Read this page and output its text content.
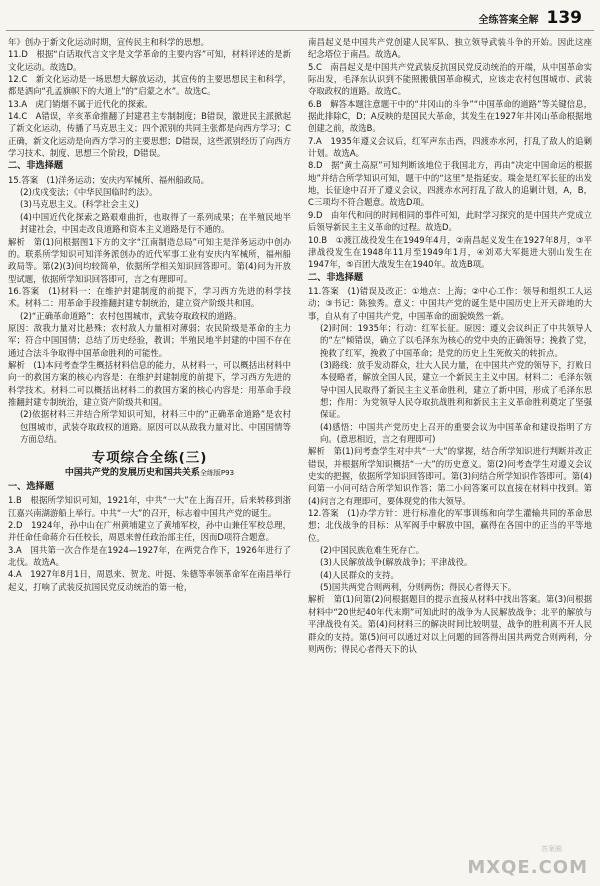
全练答案全解 139
年》创办于新文化运动时期，宣传民主和科学的思想。
11.D　根据“白话取代言文字是文学革命的主要内容”可知，材料评述的是新文化运动。故选D。
12.C　新文化运动是一场思想大解放运动，其宣传的主要思想民主和科学，都是洒向“孔孟旗帜下的大道上”的“启蒙之水”。故选C。
13.A　虎门销烟不属于近代化的探索。
14.C　A错误，辛亥革命推翻了封建君主专制制度；B错误，激进民主派掀起了新文化运动，传播了马克思主义；四个派别的共同主张都是向西方学习；C正确，新文化运动是向西方学习的主要思想；D错误，这些派别经历了向西方学习技术、制度、思想三个阶段，D错误。
二、非选择题
15.答案　(1)洋务运动；安庆内军械所、福州船政局。
(2)戊戌变法；《中华民国临时约法》。
(3)马克思主义。(科学社会主义)
(4)中国近代化探索之路艰难曲折，也取得了一系列成果；在半殖民地半封建社会，中国走改良道路和资本主义道路是行不通的。
解析　第(1)问根据图1下方的文字“江南制造总局”可知主是洋务运动中创办的。联系所学知识可知洋务派创办的近代军事工业有安庆内军械所，福州船政局等。第(2)(3)问均较简单，依据所学相关知识回答即可。第(4)问为开放型试题，依据所学知识回答即可，言之有理即可。
16.答案　(1)材料一：在维护封建制度的前提下，学习西方先进的科学技术。材料二：用革命手段推翻封建专制统治，建立资产阶级共和国。
(2)“正确革命道路”：农村包围城市，武装夺取政权的道路。
原因：敌我力量对比悬殊；农村敌人力量相对薄弱；农民阶级是革命的主力军；符合中国国情；总结了历史经验，教训；半殖民地半封建的中国不存在通过合法斗争取得中国革命胜利的可能性。
解析　(1)本问考查学生概括材料信息的能力，从材料一，可以概括出材料中向一的救国方案的核心内容是：在维护封建制度的前提下，学习西方先进的科学技术。材料二可以概括出材料二的救国方案的核心内容是：用革命手段推翻封建专制统治，建立资产阶级共和国。
(2)依据材料三并结合所学知识可知，材料三中的“正确革命道路”是农村包围城市，武装夺取政权的道路。原因可以从敌我力量对比、中国国情等方面总结。
专项综合全练(三)
中国共产党的发展历史和国共关系全练版P93
一、选择题
1.B　根据所学知识可知，1921年，中共“一大”在上海召开，后来转移到浙江嘉兴南湖游船上举行。中共“一大”的召开，标志着中国共产党的诞生。
2.D　1924年，孙中山在广州黄埔建立了黄埔军校，孙中山兼任军校总理，并任命任命蒋介石任校长，周恩来曾任政治部主任，因而D项符合题意。
3.A　国共第一次合作是在1924—1927年，在两党合作下，1926年进行了北伐。故选A。
4.A　1927年8月1日，周恩来、贺龙、叶挺、朱德等率领革命军在南昌举行起义，打响了武装反抗国民党反动统治的第一枪，
南昌起义是中国共产党创建人民军队、独立领导武装斗争的开始。因此这座纪念塔位于南昌。故选A。
5.C　南昌起义是中国共产党武装反抗国民党反动统治的开端，从中国革命实际出发，毛泽东认识到不能照搬俄国革命模式，应该走农村包围城市、武装夺取政权的道路。故选C。
6.B　解答本题注意题干中的“井冈山的斗争”“中国革命的道路”等关键信息，据此排除C，D；A反映的是国民大革命，其发生在1927年井冈山革命根据地创建之前，故选B。
7.A　1935年遵义会议后，红军声东击西，四渡赤水河，打乱了敌人的追剿计划。故选A。
8.D　据“黄土高原”可知判断该地位于我国北方，再由“决定中国命运的根据地”并结合所学知识可知，题干中的“这里”是指延安。瑞金是红军长征的出发地，长征途中召开了遵义会议，四渡赤水河打乱了敌人的追剿计划，A，B，C三项均不符合题意。故选D项。
9.D　由年代和问的时间相同的事件可知，此时学习探究的是中国共产党成立后领导新民主主义革命的过程。故选D。
10.B　①渡江战役发生在1949年4月，②南昌起义发生在1927年8月，③平津战役发生在1948年11月至1949年1月，④刘邓大军挺进大别山发生在1947年，⑤百团大战发生在1940年。故选B项。
二、非选择题
11.答案　(1)错误及改正：①地点：上海；②中心工作：领导和组织工人运动；③书记：陈独秀。意义：中国共产党的诞生是中国历史上开天辟地的大事，自从有了中国共产党，中国革命的面貌焕然一新。
(2)时间：1935年；行动：红军长征。原因：遵义会议纠正了中共领导人的“左”倾错误，确立了以毛泽东为核心的党中央的正确领导；挽救了党，挽救了红军，挽救了中国革命；是党的历史上生死攸关的转折点。
(3)路线：放手发动群众，壮大人民力量，在中国共产党的领导下，打败日本侵略者，解放全国人民，建立一个新民主主义中国。材料二：毛泽东领导中国人民取得了新民主主义革命胜利，建立了新中国，形成了毛泽东思想；作用：为党领导人民夺取抗战胜利和新民主主义革命胜利奠定了坚强保证。
(4)感悟：中国共产党历史上召开的重要会议为中国革命和建设指明了方向。(意思相近，言之有理即可)
解析　第(1)问考查学生对中共“一大”的掌握，结合所学知识进行判断并改正错误，并根据所学知识概括“一大”的历史意义。第(2)问考查学生对遵义会议史实的把握，依据所学知识回答即可。第(3)问结合所学知识作答即可。第(4)问第一小问可结合所学知识作答；第二小问答案可以直接在材料中找到。第(4)问言之有理即可，要体现党的伟大领导。
12.答案　(1)办学方针：进行标准化的军事训练和向学生灌输共同的革命思想；北伐战争的目标：从军阀手中解放中国，赢得在各国中的正当的平等地位。
(2)中国民族危难生死存亡。
(3)人民解放战争(解放战争)；平津战役。
(4)人民群众的支持。
(5)国共两党合则两利，分则两伤；得民心者得天下。
解析　第(1)问第(2)问根据题目的提示直接从材料中找出答案。第(3)问根据材料中“20世纪40年代末期”可知此时的战争为人民解放战争；北平的解放与平津战役有关。第(4)问材料三的解决时间比较明显，战争的胜利离不开人民群众的支持。第(5)问可以通过对以上问题的回答得出国共两党合则两利，分则两伤；得民心者得天下的认
答案圈
MXQE.COM
